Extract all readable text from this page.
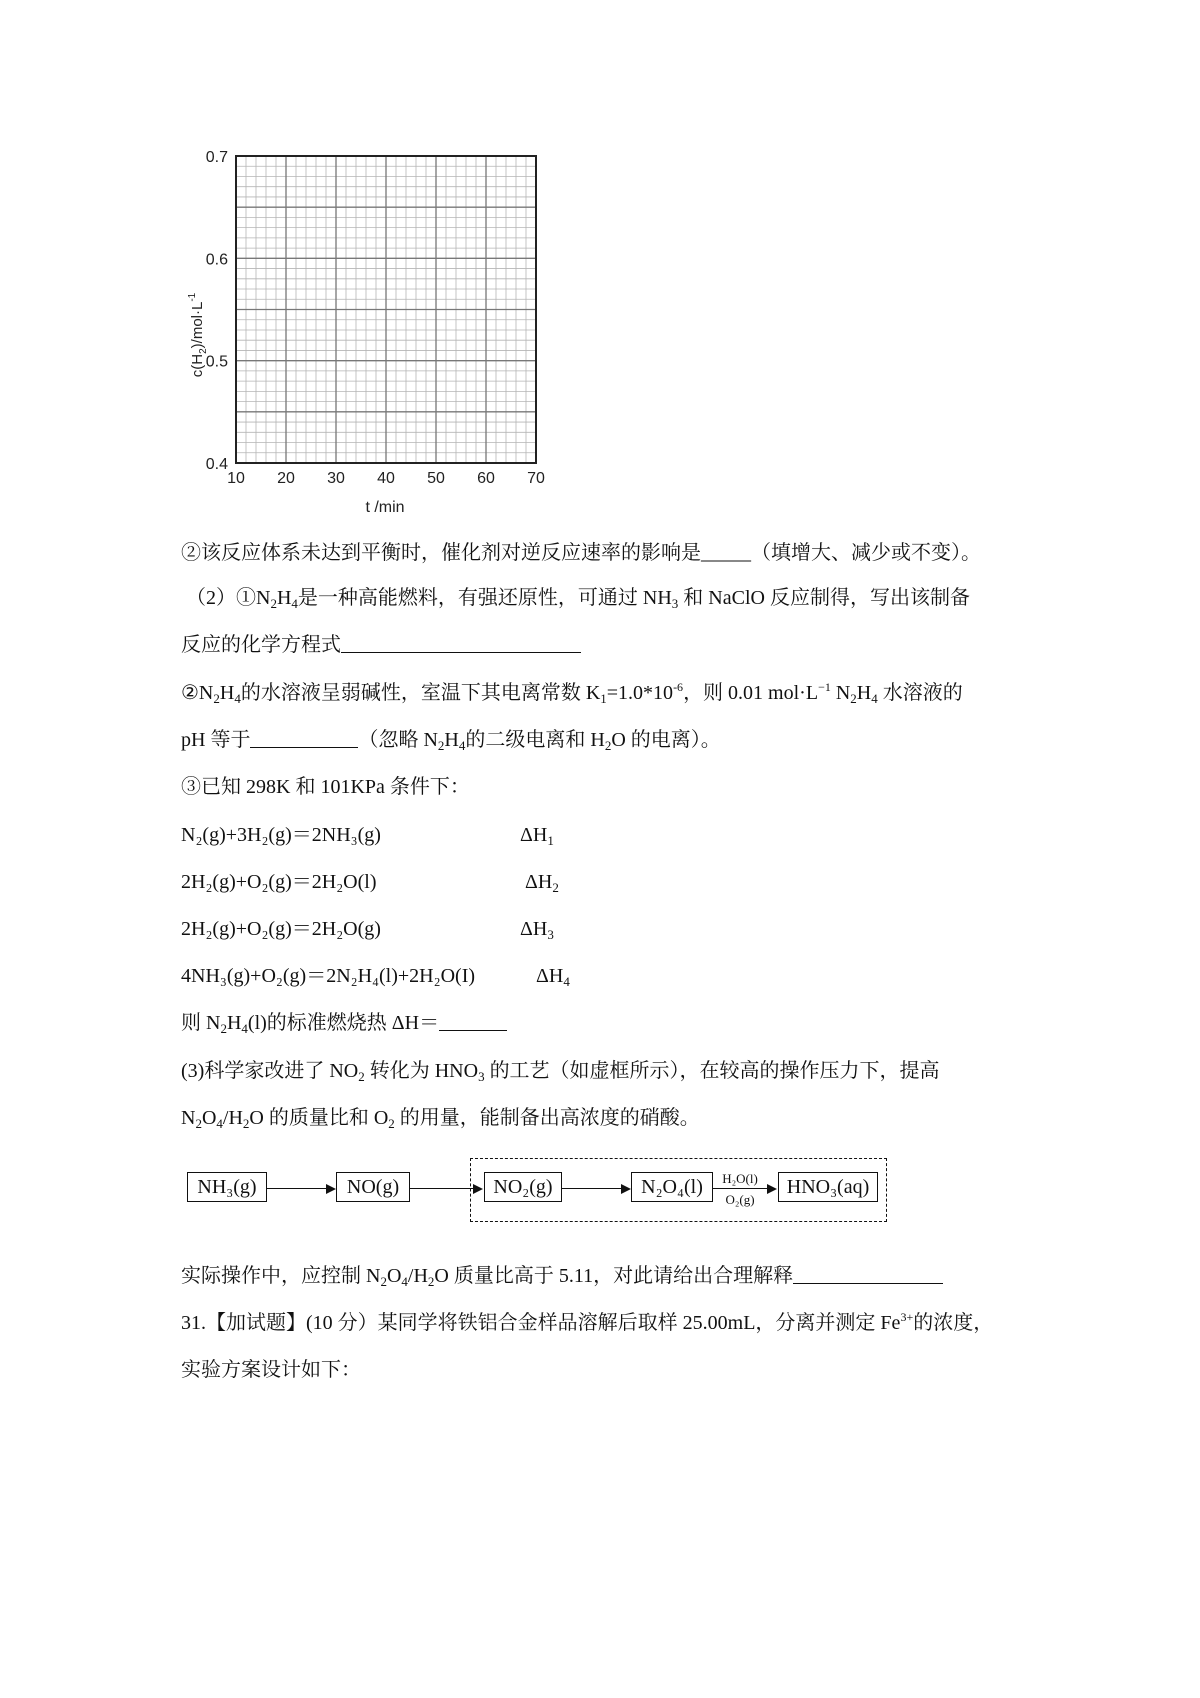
10 20 30 40 50 60 70
0.4
0.5
0.6
0.7
t /min
$c(H_2)/mol\cdot L^{-1}$
②该反应体系未达到平衡时，催化剂对逆反应速率的影响是_____（填增大、减少或不变）。
$(2)①N_2H_4$是一种高能燃料，有强还原性，可通过 $NH_3$ 和 NaClO 反应制得，写出该制备
反应的化学方程式
$②N_2H_4$的水溶液呈弱碱性，室温下其电离常数 $K_1=1.0*10^{-6}$，则 0.01 $mol\cdot L^{-1}$ $N_2H_4$ 水溶液的
pH 等于	（忽略 $N_2H_4$的二级电离和 $H_2O$ 的电离）。
③已知 298K 和 101KPa 条件下：
N₂(g)+3H₂(g)＝2NH₃(g)	$\Delta H_1$
2H₂(g)+O₂(g)＝2H₂O(l)	$\Delta H_2$
2H₂(g)+O₂(g)＝2H₂O(g)	$\Delta H_3$
4NH₃(g)+O₂(g)＝2N₂H₄(l)+2H₂O(I)	$\Delta H_4$
则 $N_2H_4(l)$的标准燃烧热 ΔH＝
(3)科学家改进了 $NO_2$ 转化为 $HNO_3$ 的工艺（如虚框所示），在较高的操作压力下，提高
$N_2O_4/H_2O$ 的质量比和 $O_2$ 的用量，能制备出高浓度的硝酸。
NH₃(g)	NO(g)	NO₂(g)	N₂O₄(l)	H₂O(l)
O₂(g)
HNO₃(aq)
实际操作中，应控制 $N_2O_4/H_2O$ 质量比高于 5.11，对此请给出合理解释
31.【加试题】(10 分）某同学将铁铝合金样品溶解后取样 25.00mL，分离并测定 $Fe^{3+}$的浓度，
实验方案设计如下：
